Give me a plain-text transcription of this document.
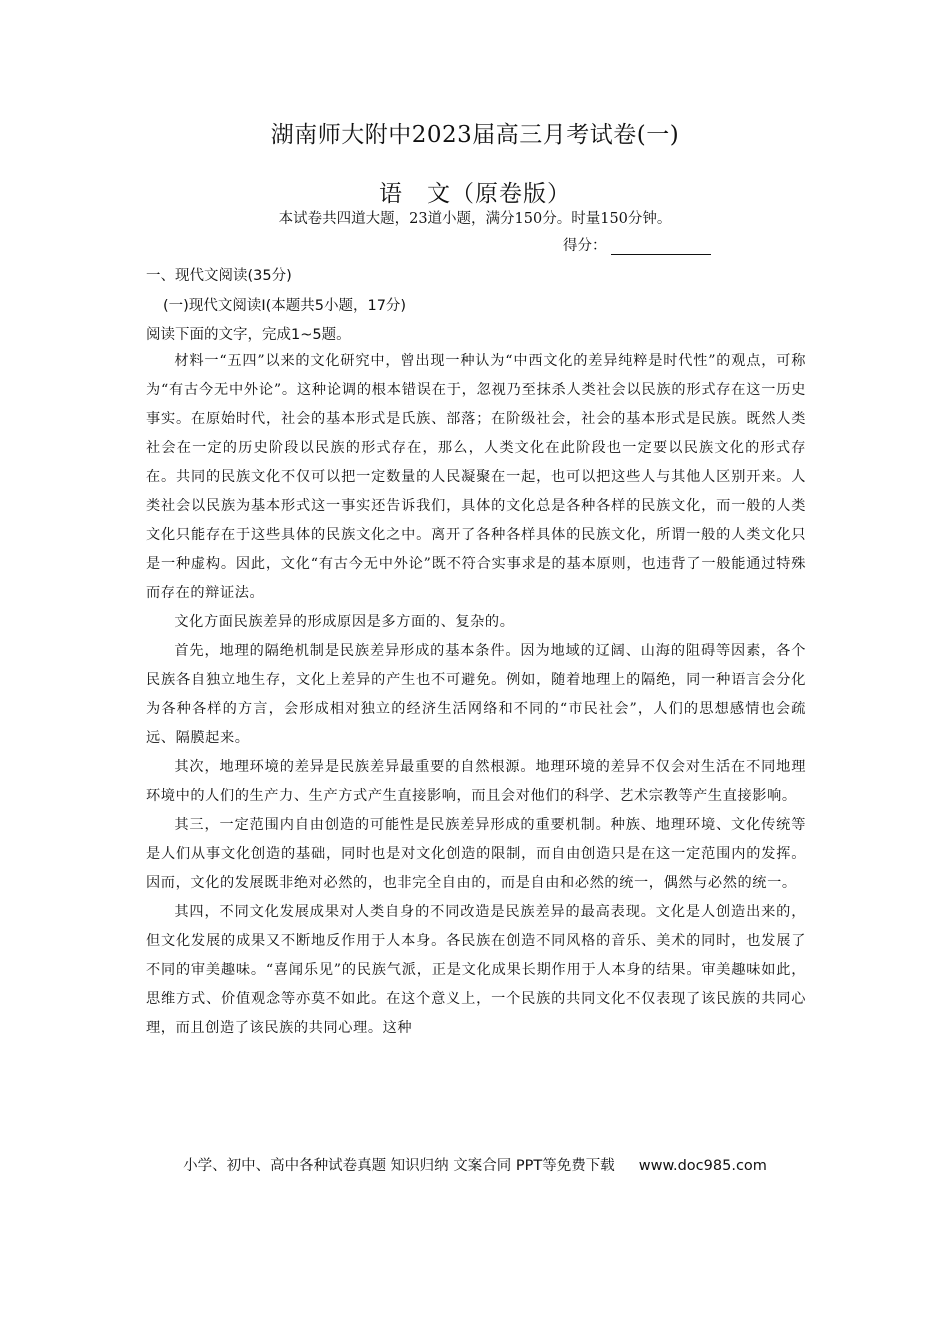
湖南师大附中2023届高三月考试卷(一)
语　文（原卷版）
本试卷共四道大题，23道小题，满分150分。时量150分钟。
得分：
一、现代文阅读(35分)
(一)现代文阅读Ⅰ(本题共5小题，17分)
阅读下面的文字，完成1~5题。

材料一“五四”以来的文化研究中，曾出现一种认为“中西文化的差异纯粹是时代性”的观点，可称为“有古今无中外论”。这种论调的根本错误在于，忽视乃至抹杀人类社会以民族的形式存在这一历史事实。在原始时代，社会的基本形式是氏族、部落；在阶级社会，社会的基本形式是民族。既然人类社会在一定的历史阶段以民族的形式存在，那么，人类文化在此阶段也一定要以民族文化的形式存在。共同的民族文化不仅可以把一定数量的人民凝聚在一起，也可以把这些人与其他人区别开来。人类社会以民族为基本形式这一事实还告诉我们，具体的文化总是各种各样的民族文化，而一般的人类文化只能存在于这些具体的民族文化之中。离开了各种各样具体的民族文化，所谓一般的人类文化只是一种虚构。因此，文化“有古今无中外论”既不符合实事求是的基本原则，也违背了一般能通过特殊而存在的辩证法。

文化方面民族差异的形成原因是多方面的、复杂的。

首先，地理的隔绝机制是民族差异形成的基本条件。因为地域的辽阔、山海的阻碍等因素，各个民族各自独立地生存，文化上差异的产生也不可避免。例如，随着地理上的隔绝，同一种语言会分化为各种各样的方言，会形成相对独立的经济生活网络和不同的“市民社会”，人们的思想感情也会疏远、隔膜起来。

其次，地理环境的差异是民族差异最重要的自然根源。地理环境的差异不仅会对生活在不同地理环境中的人们的生产力、生产方式产生直接影响，而且会对他们的科学、艺术宗教等产生直接影响。

其三，一定范围内自由创造的可能性是民族差异形成的重要机制。种族、地理环境、文化传统等是人们从事文化创造的基础，同时也是对文化创造的限制，而自由创造只是在这一定范围内的发挥。因而，文化的发展既非绝对必然的，也非完全自由的，而是自由和必然的统一，偶然与必然的统一。

其四，不同文化发展成果对人类自身的不同改造是民族差异的最高表现。文化是人创造出来的，但文化发展的成果又不断地反作用于人本身。各民族在创造不同风格的音乐、美术的同时，也发展了不同的审美趣味。“喜闻乐见”的民族气派，正是文化成果长期作用于人本身的结果。审美趣味如此，思维方式、价值观念等亦莫不如此。在这个意义上，一个民族的共同文化不仅表现了该民族的共同心理，而且创造了该民族的共同心理。这种

小学、初中、高中各种试卷真题 知识归纳 文案合同 PPT等免费下载 www.doc985.com
